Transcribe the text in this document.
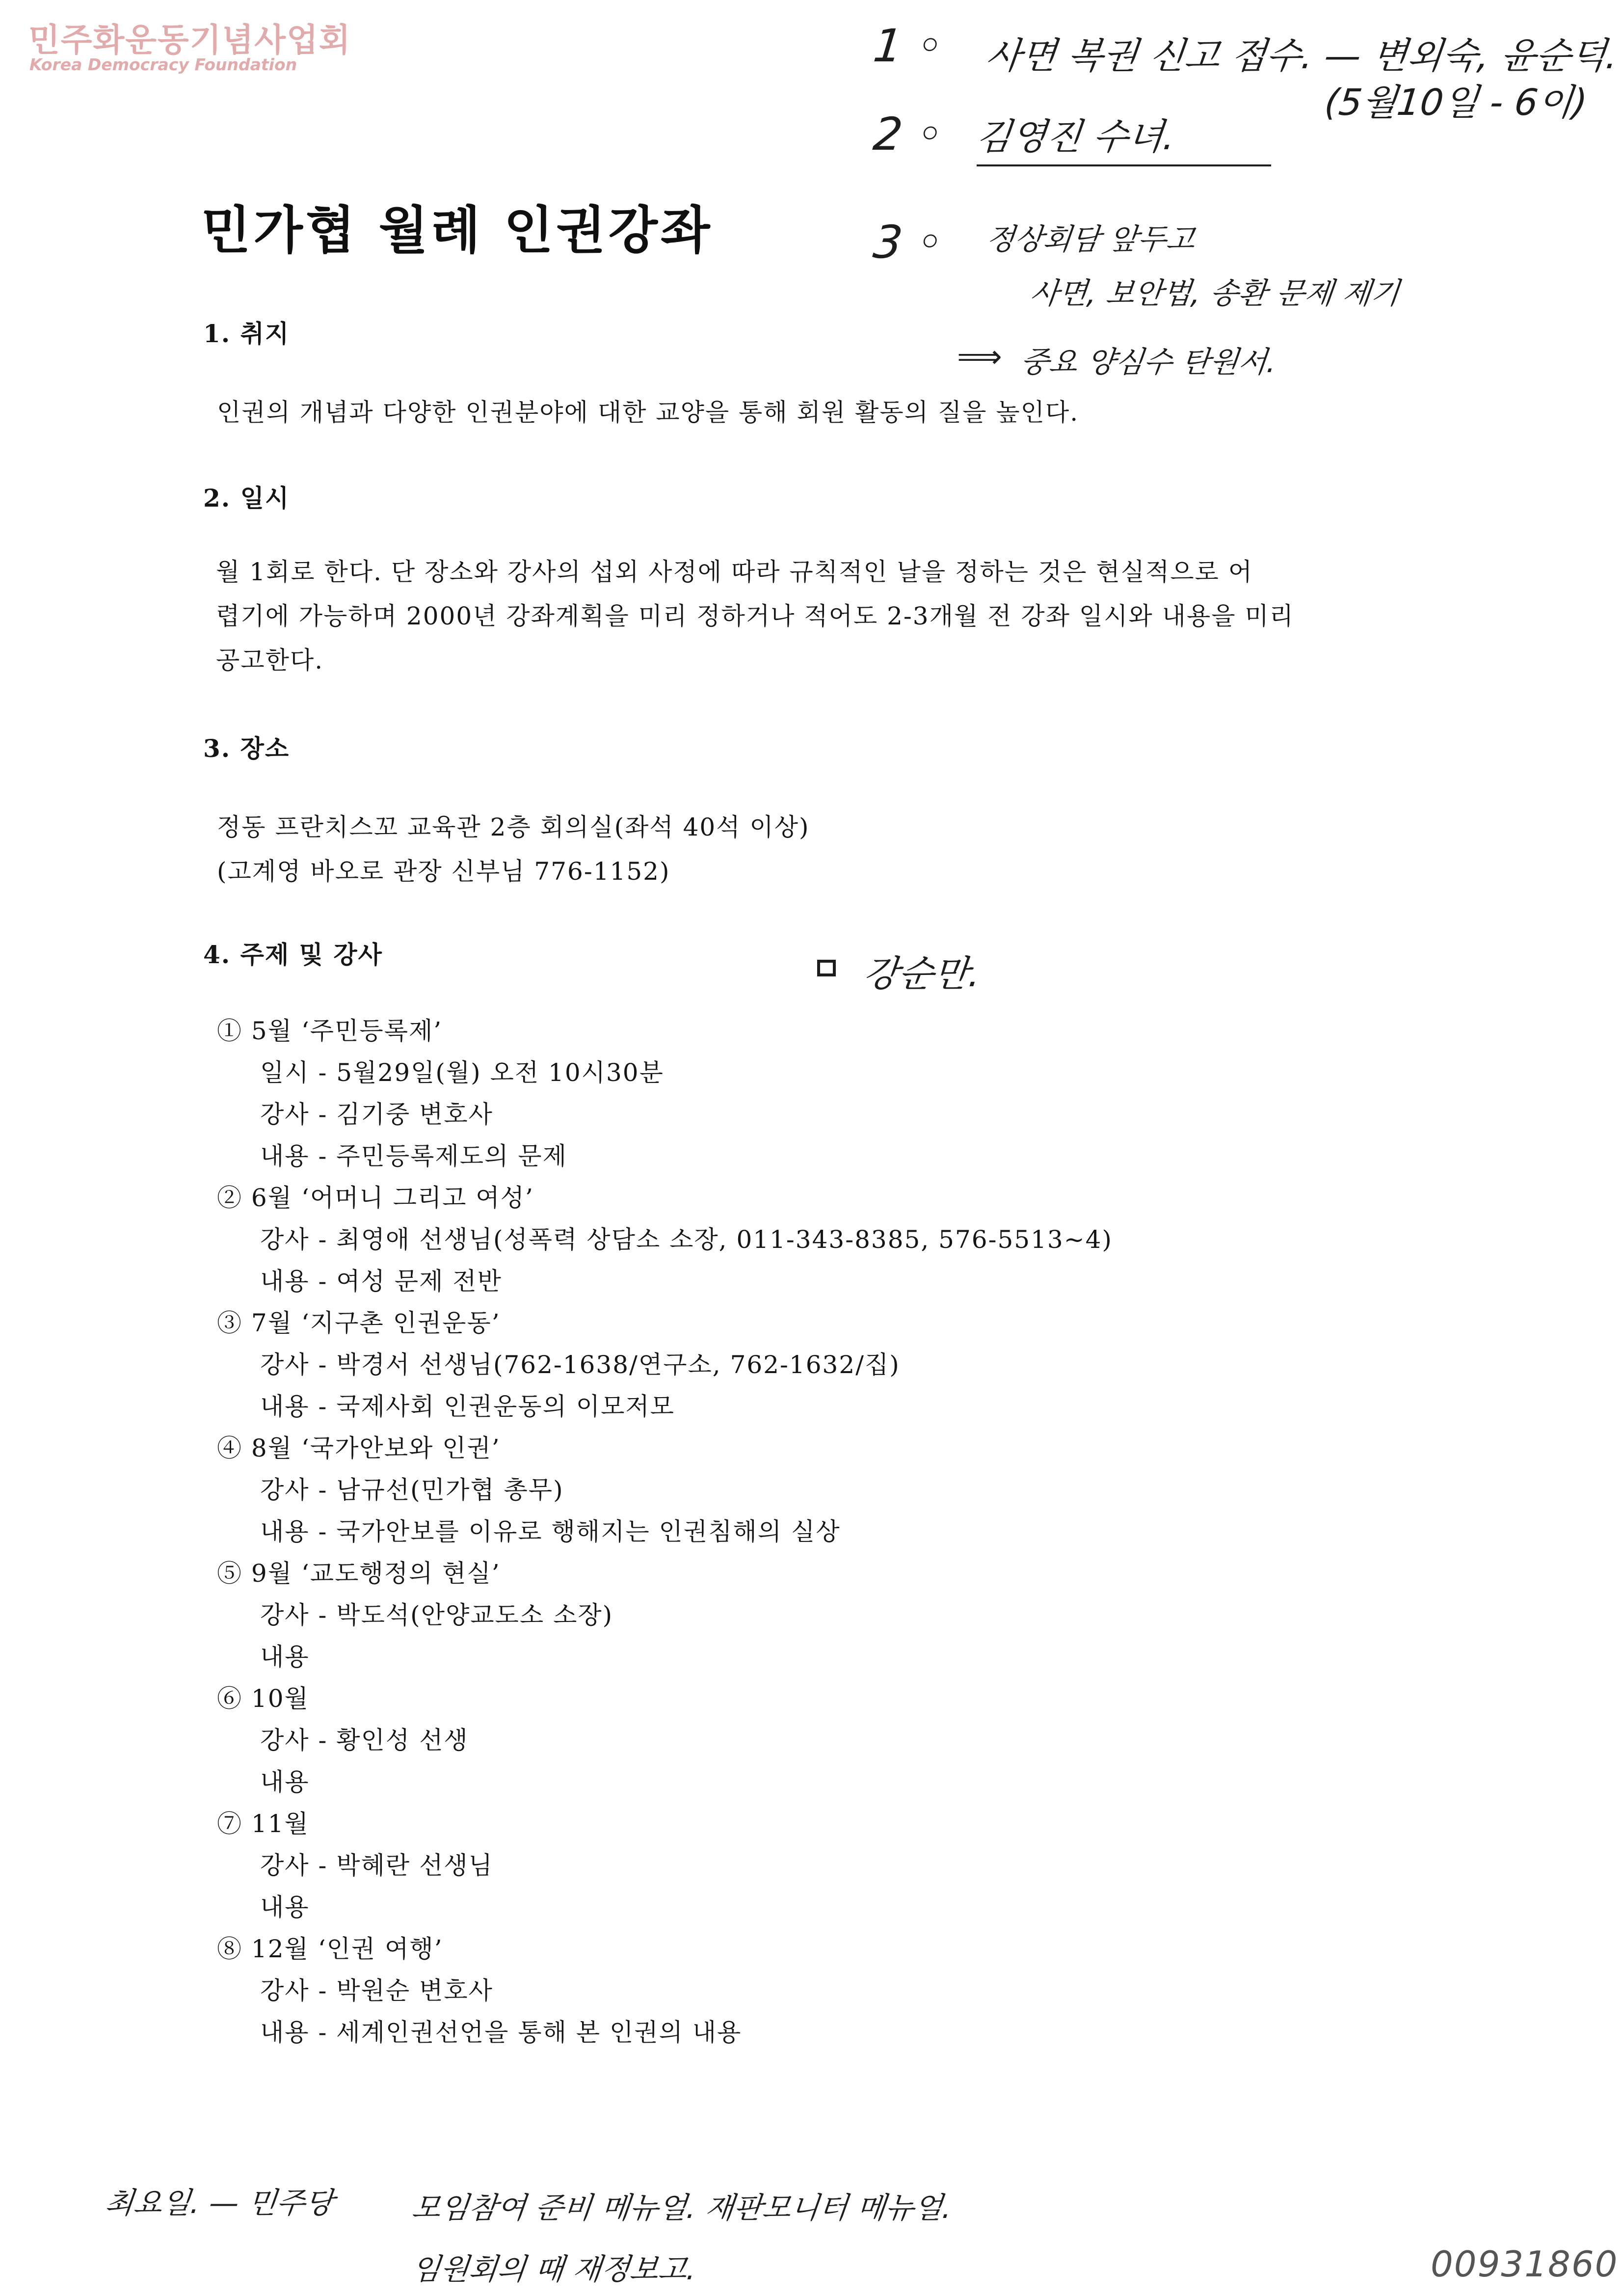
민주화운동기념사업회
Korea Democracy Foundation
민가협 월례 인권강좌
1. 취지
인권의 개념과 다양한 인권분야에 대한 교양을 통해 회원 활동의 질을 높인다.
2. 일시
월 1회로 한다. 단 장소와 강사의 섭외 사정에 따라 규칙적인 날을 정하는 것은 현실적으로 어
렵기에 가능하며 2000년 강좌계획을 미리 정하거나 적어도 2-3개월 전 강좌 일시와 내용을 미리
공고한다.
3. 장소
정동 프란치스꼬 교육관 2층 회의실(좌석 40석 이상)
(고계영 바오로 관장 신부님 776-1152)
4. 주제 및 강사
① 5월 ‘주민등록제’
일시 - 5월29일(월) 오전 10시30분
강사 - 김기중 변호사
내용 - 주민등록제도의 문제
② 6월 ‘어머니 그리고 여성’
강사 - 최영애 선생님(성폭력 상담소 소장, 011-343-8385, 576-5513~4)
내용 - 여성 문제 전반
③ 7월 ‘지구촌 인권운동’
강사 - 박경서 선생님(762-1638/연구소, 762-1632/집)
내용 - 국제사회 인권운동의 이모저모
④ 8월 ‘국가안보와 인권’
강사 - 남규선(민가협 총무)
내용 - 국가안보를 이유로 행해지는 인권침해의 실상
⑤ 9월 ‘교도행정의 현실’
강사 - 박도석(안양교도소 소장)
내용
⑥ 10월
강사 - 황인성 선생
내용
⑦ 11월
강사 - 박혜란 선생님
내용
⑧ 12월 ‘인권 여행’
강사 - 박원순 변호사
내용 - 세계인권선언을 통해 본 인권의 내용
1 ◦ 사면 복권 신고 접수. — 변외숙, 윤순덕.
(5월10일 - 6이)
2 ◦ 김영진 수녀.
3 ◦ 정상회담 앞두고
사면, 보안법, 송환 문제 제기
⟹ 중요 양심수 탄원서.
강순만.
최요일. — 민주당	모임참여 준비 메뉴얼. 재판모니터 메뉴얼.
임원회의 때 재정보고.	00931860
